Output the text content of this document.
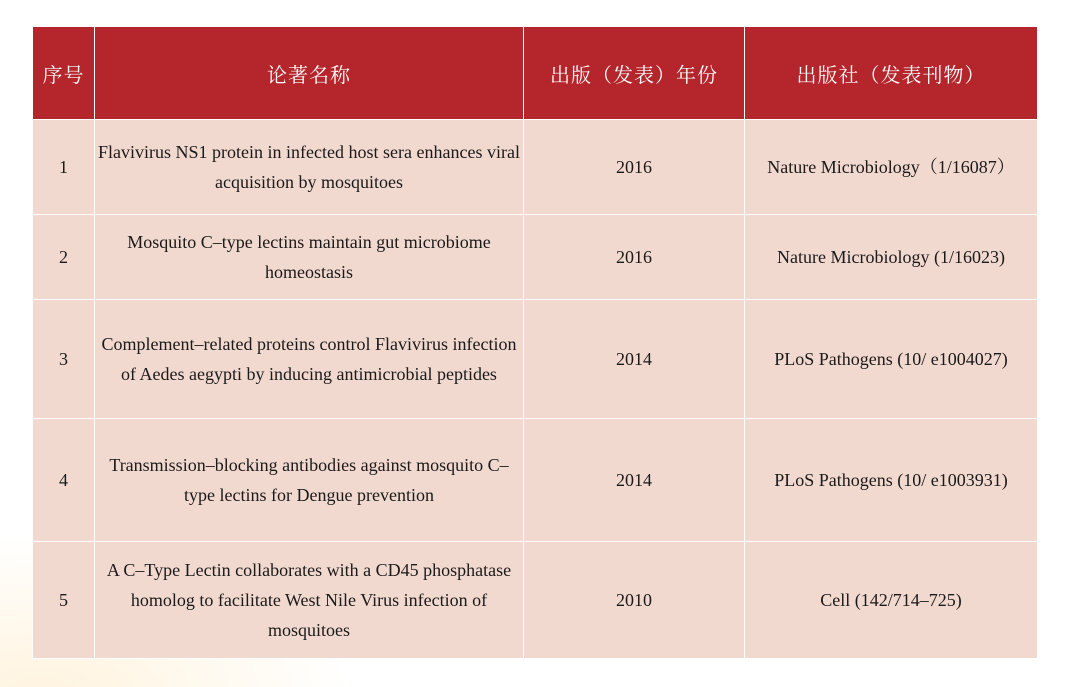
序号	论著名称	出版（发表）年份	出版社（发表刊物）
1	Flavivirus NS1 protein in infected host sera enhances viral acquisition by mosquitoes	2016	Nature Microbiology（1/16087）
2	Mosquito C–type lectins maintain gut microbiome homeostasis	2016	Nature Microbiology (1/16023)
3	Complement–related proteins control Flavivirus infection of Aedes aegypti by inducing antimicrobial peptides	2014	PLoS Pathogens (10/ e1004027)
4	Transmission–blocking antibodies against mosquito C–type lectins for Dengue prevention	2014	PLoS Pathogens (10/ e1003931)
5	A C–Type Lectin collaborates with a CD45 phosphatase homolog to facilitate West Nile Virus infection of mosquitoes	2010	Cell (142/714–725)
